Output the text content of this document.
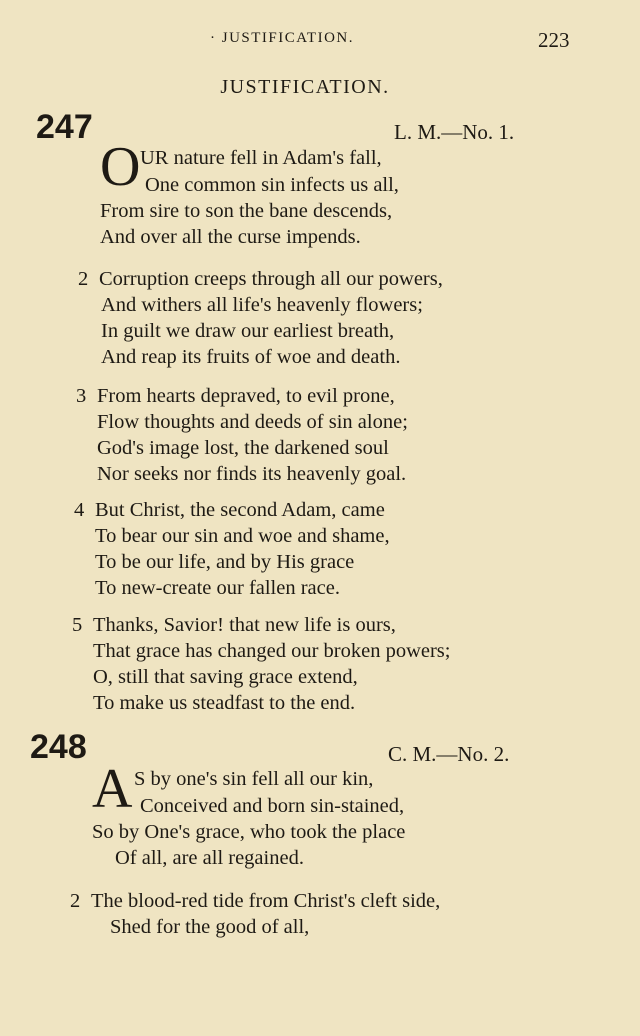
· JUSTIFICATION.	223
JUSTIFICATION.
247	L. M.—No. 1.
O UR nature fell in Adam's fall,
One common sin infects us all,
From sire to son the bane descends,
And over all the curse impends.
2 Corruption creeps through all our powers,
And withers all life's heavenly flowers;
In guilt we draw our earliest breath,
And reap its fruits of woe and death.
3 From hearts depraved, to evil prone,
Flow thoughts and deeds of sin alone;
God's image lost, the darkened soul
Nor seeks nor finds its heavenly goal.
4 But Christ, the second Adam, came
To bear our sin and woe and shame,
To be our life, and by His grace
To new-create our fallen race.
5 Thanks, Savior! that new life is ours,
That grace has changed our broken powers;
O, still that saving grace extend,
To make us steadfast to the end.
248	C. M.—No. 2.
A S by one's sin fell all our kin,
Conceived and born sin-stained,
So by One's grace, who took the place
Of all, are all regained.
2 The blood-red tide from Christ's cleft side,
Shed for the good of all,
